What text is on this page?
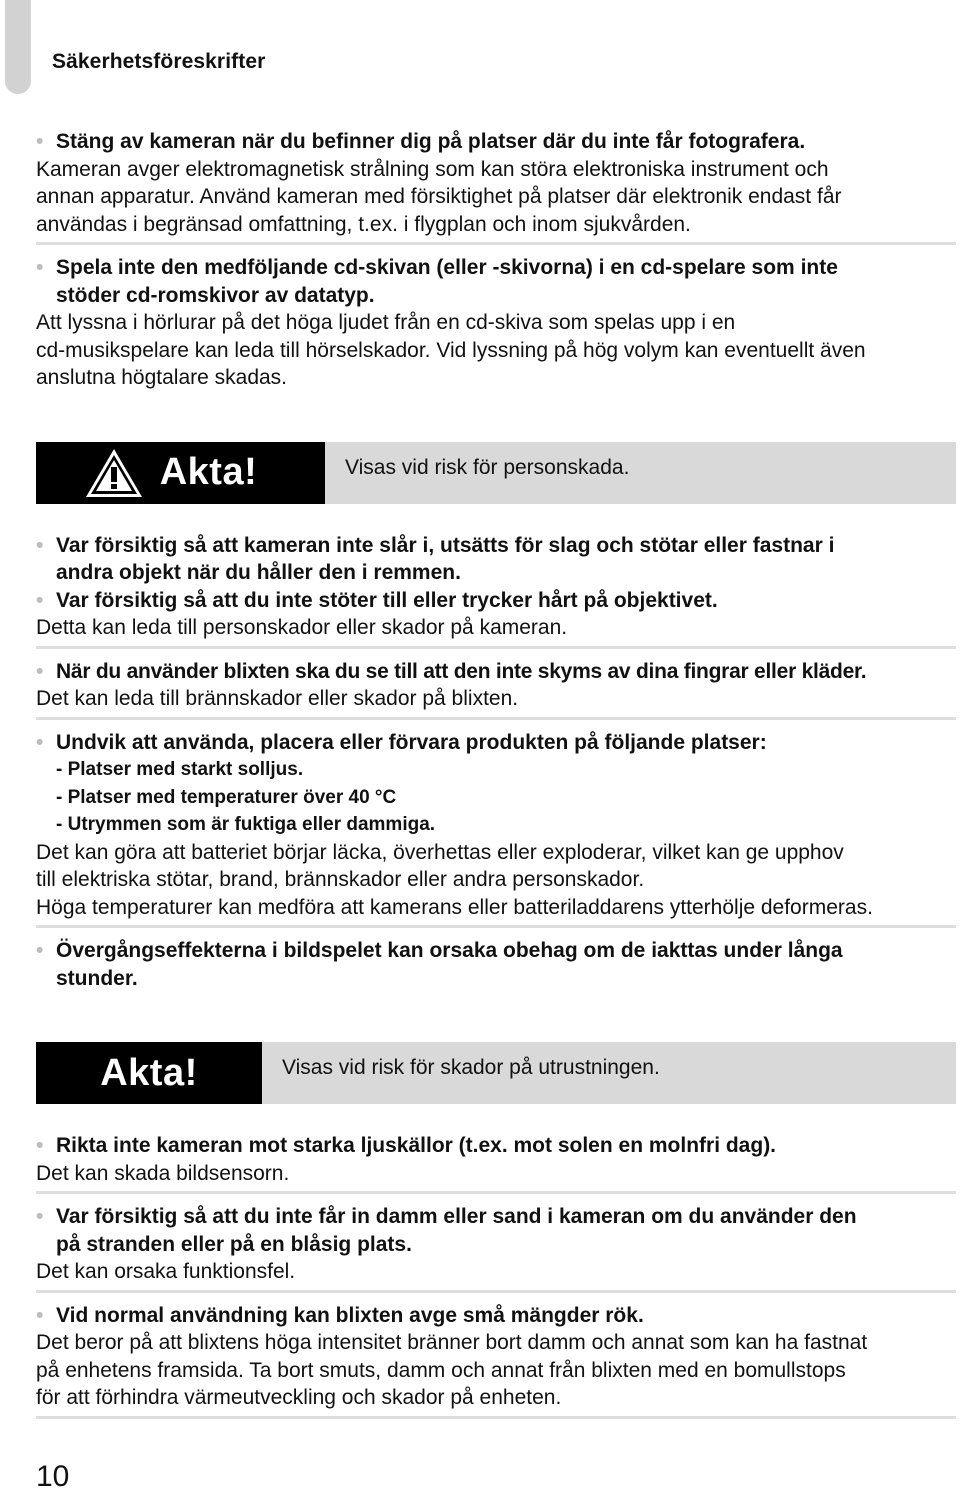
Säkerhetsföreskrifter
• Stäng av kameran när du befinner dig på platser där du inte får fotografera.
Kameran avger elektromagnetisk strålning som kan störa elektroniska instrument och
annan apparatur. Använd kameran med försiktighet på platser där elektronik endast får
användas i begränsad omfattning, t.ex. i flygplan och inom sjukvården.
• Spela inte den medföljande cd-skivan (eller -skivorna) i en cd-spelare som inte
stöder cd-romskivor av datatyp.
Att lyssna i hörlurar på det höga ljudet från en cd-skiva som spelas upp i en
cd-musikspelare kan leda till hörselskador. Vid lyssning på hög volym kan eventuellt även
anslutna högtalare skadas.
Akta!	Visas vid risk för personskada.
• Var försiktig så att kameran inte slår i, utsätts för slag och stötar eller fastnar i
andra objekt när du håller den i remmen.
• Var försiktig så att du inte stöter till eller trycker hårt på objektivet.
Detta kan leda till personskador eller skador på kameran.
• När du använder blixten ska du se till att den inte skyms av dina fingrar eller kläder.
Det kan leda till brännskador eller skador på blixten.
• Undvik att använda, placera eller förvara produkten på följande platser:
- Platser med starkt solljus.
- Platser med temperaturer över 40 °C
- Utrymmen som är fuktiga eller dammiga.
Det kan göra att batteriet börjar läcka, överhettas eller exploderar, vilket kan ge upphov
till elektriska stötar, brand, brännskador eller andra personskador.
Höga temperaturer kan medföra att kamerans eller batteriladdarens ytterhölje deformeras.
• Övergångseffekterna i bildspelet kan orsaka obehag om de iakttas under långa
stunder.
Akta!	Visas vid risk för skador på utrustningen.
• Rikta inte kameran mot starka ljuskällor (t.ex. mot solen en molnfri dag).
Det kan skada bildsensorn.
• Var försiktig så att du inte får in damm eller sand i kameran om du använder den
på stranden eller på en blåsig plats.
Det kan orsaka funktionsfel.
• Vid normal användning kan blixten avge små mängder rök.
Det beror på att blixtens höga intensitet bränner bort damm och annat som kan ha fastnat
på enhetens framsida. Ta bort smuts, damm och annat från blixten med en bomullstops
för att förhindra värmeutveckling och skador på enheten.
10
